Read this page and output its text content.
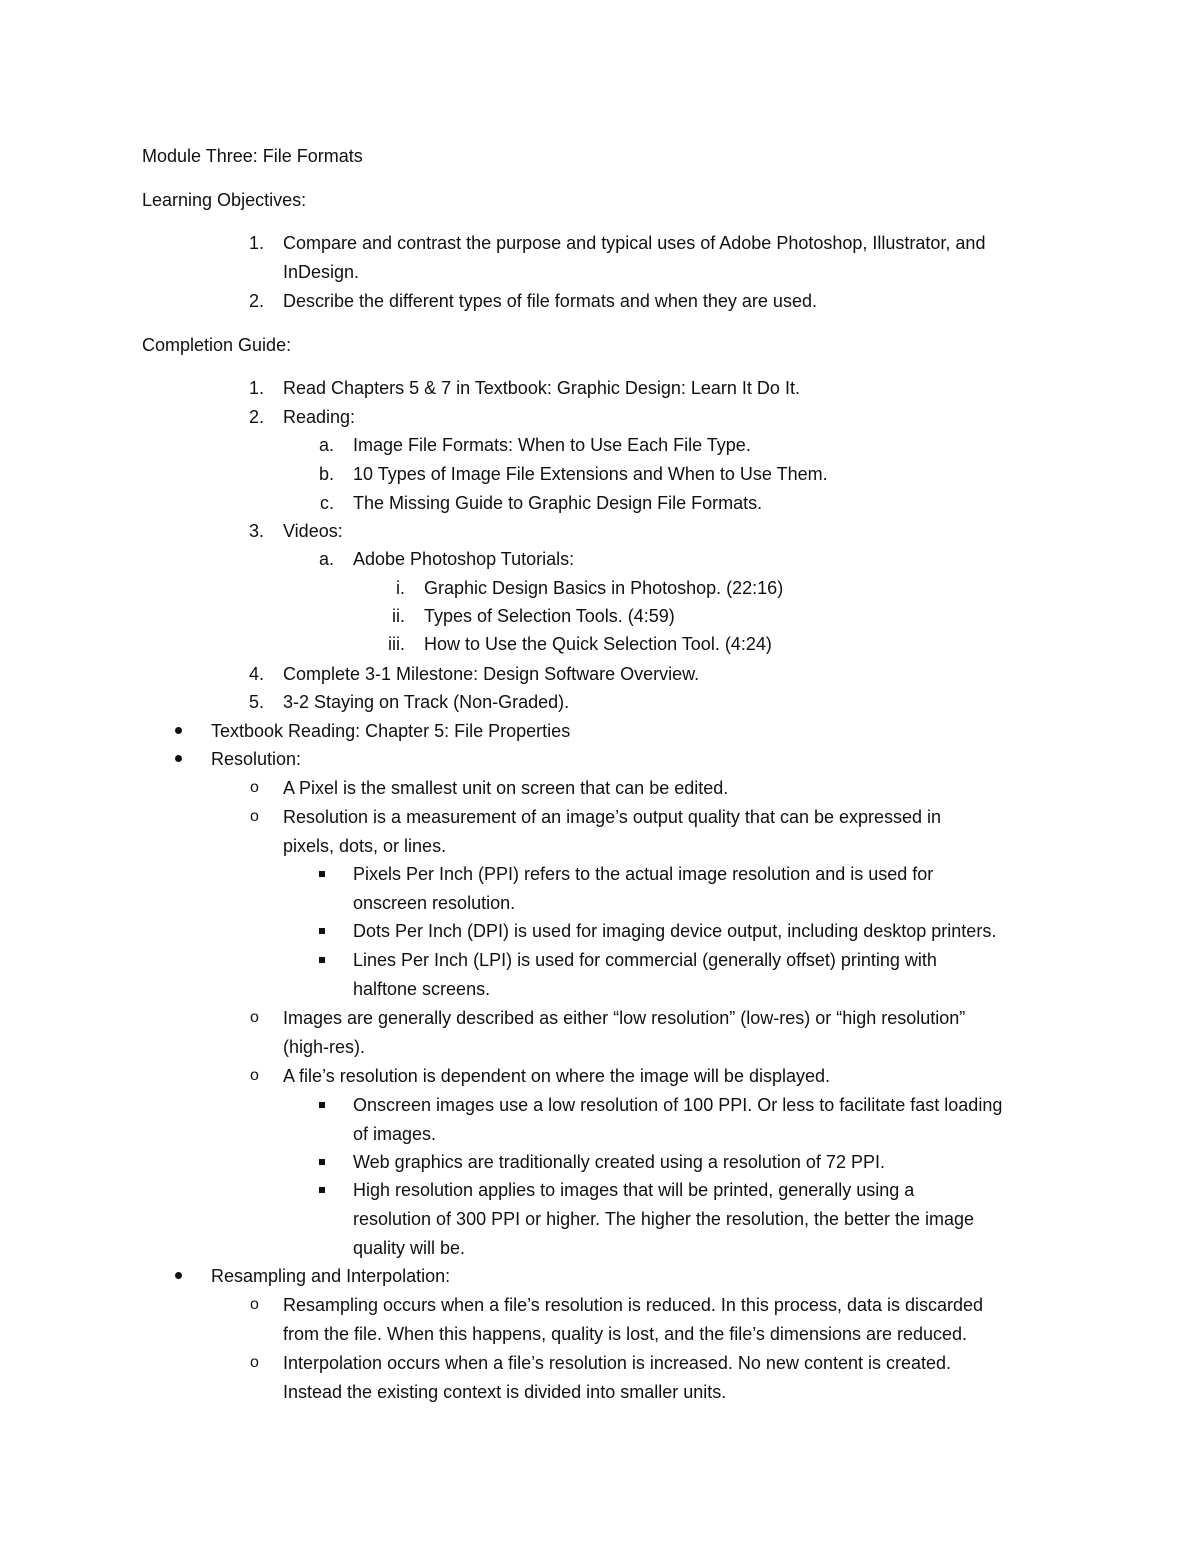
Module Three: File Formats
Learning Objectives:
1. Compare and contrast the purpose and typical uses of Adobe Photoshop, Illustrator, and
InDesign.
2. Describe the different types of file formats and when they are used.
Completion Guide:
1. Read Chapters 5 & 7 in Textbook: Graphic Design: Learn It Do It.
2. Reading:
a. Image File Formats: When to Use Each File Type.
b. 10 Types of Image File Extensions and When to Use Them.
c. The Missing Guide to Graphic Design File Formats.
3. Videos:
a. Adobe Photoshop Tutorials:
i. Graphic Design Basics in Photoshop. (22:16)
ii. Types of Selection Tools. (4:59)
iii. How to Use the Quick Selection Tool. (4:24)
4. Complete 3-1 Milestone: Design Software Overview.
5. 3-2 Staying on Track (Non-Graded).
Textbook Reading: Chapter 5: File Properties
Resolution:
o A Pixel is the smallest unit on screen that can be edited.
o Resolution is a measurement of an image’s output quality that can be expressed in
pixels, dots, or lines.
Pixels Per Inch (PPI) refers to the actual image resolution and is used for
onscreen resolution.
Dots Per Inch (DPI) is used for imaging device output, including desktop printers.
Lines Per Inch (LPI) is used for commercial (generally offset) printing with
halftone screens.
o Images are generally described as either “low resolution” (low-res) or “high resolution”
(high-res).
o A file’s resolution is dependent on where the image will be displayed.
Onscreen images use a low resolution of 100 PPI. Or less to facilitate fast loading
of images.
Web graphics are traditionally created using a resolution of 72 PPI.
High resolution applies to images that will be printed, generally using a
resolution of 300 PPI or higher. The higher the resolution, the better the image
quality will be.
Resampling and Interpolation:
o Resampling occurs when a file’s resolution is reduced. In this process, data is discarded
from the file. When this happens, quality is lost, and the file’s dimensions are reduced.
o Interpolation occurs when a file’s resolution is increased. No new content is created.
Instead the existing context is divided into smaller units.
